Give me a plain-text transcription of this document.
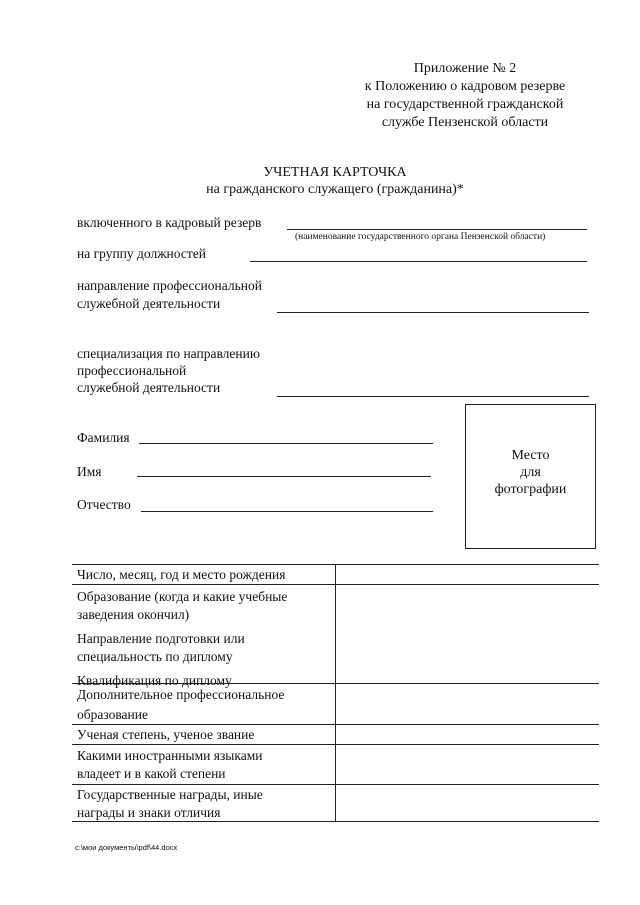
Приложение № 2
к Положению о кадровом резерве
на государственной гражданской
службе Пензенской области
УЧЕТНАЯ КАРТОЧКА
на гражданского служащего (гражданина)*
включенного в кадровый резерв
(наименование государственного органа Пензенской области)
на группу должностей
направление профессиональной
служебной деятельности
специализация по направлению
профессиональной
служебной деятельности
Фамилия
Имя
Отчество
Место
для
фотографии
Число, месяц, год и место рождения
Образование (когда и какие учебные
заведения окончил)
Направление подготовки или
специальность по диплому
Квалификация по диплому
Дополнительное профессиональное
образование
Ученая степень, ученое звание
Какими иностранными языками
владеет и в какой степени
Государственные награды, иные
награды и знаки отличия
c:\мои документы\pdf\44.docx
